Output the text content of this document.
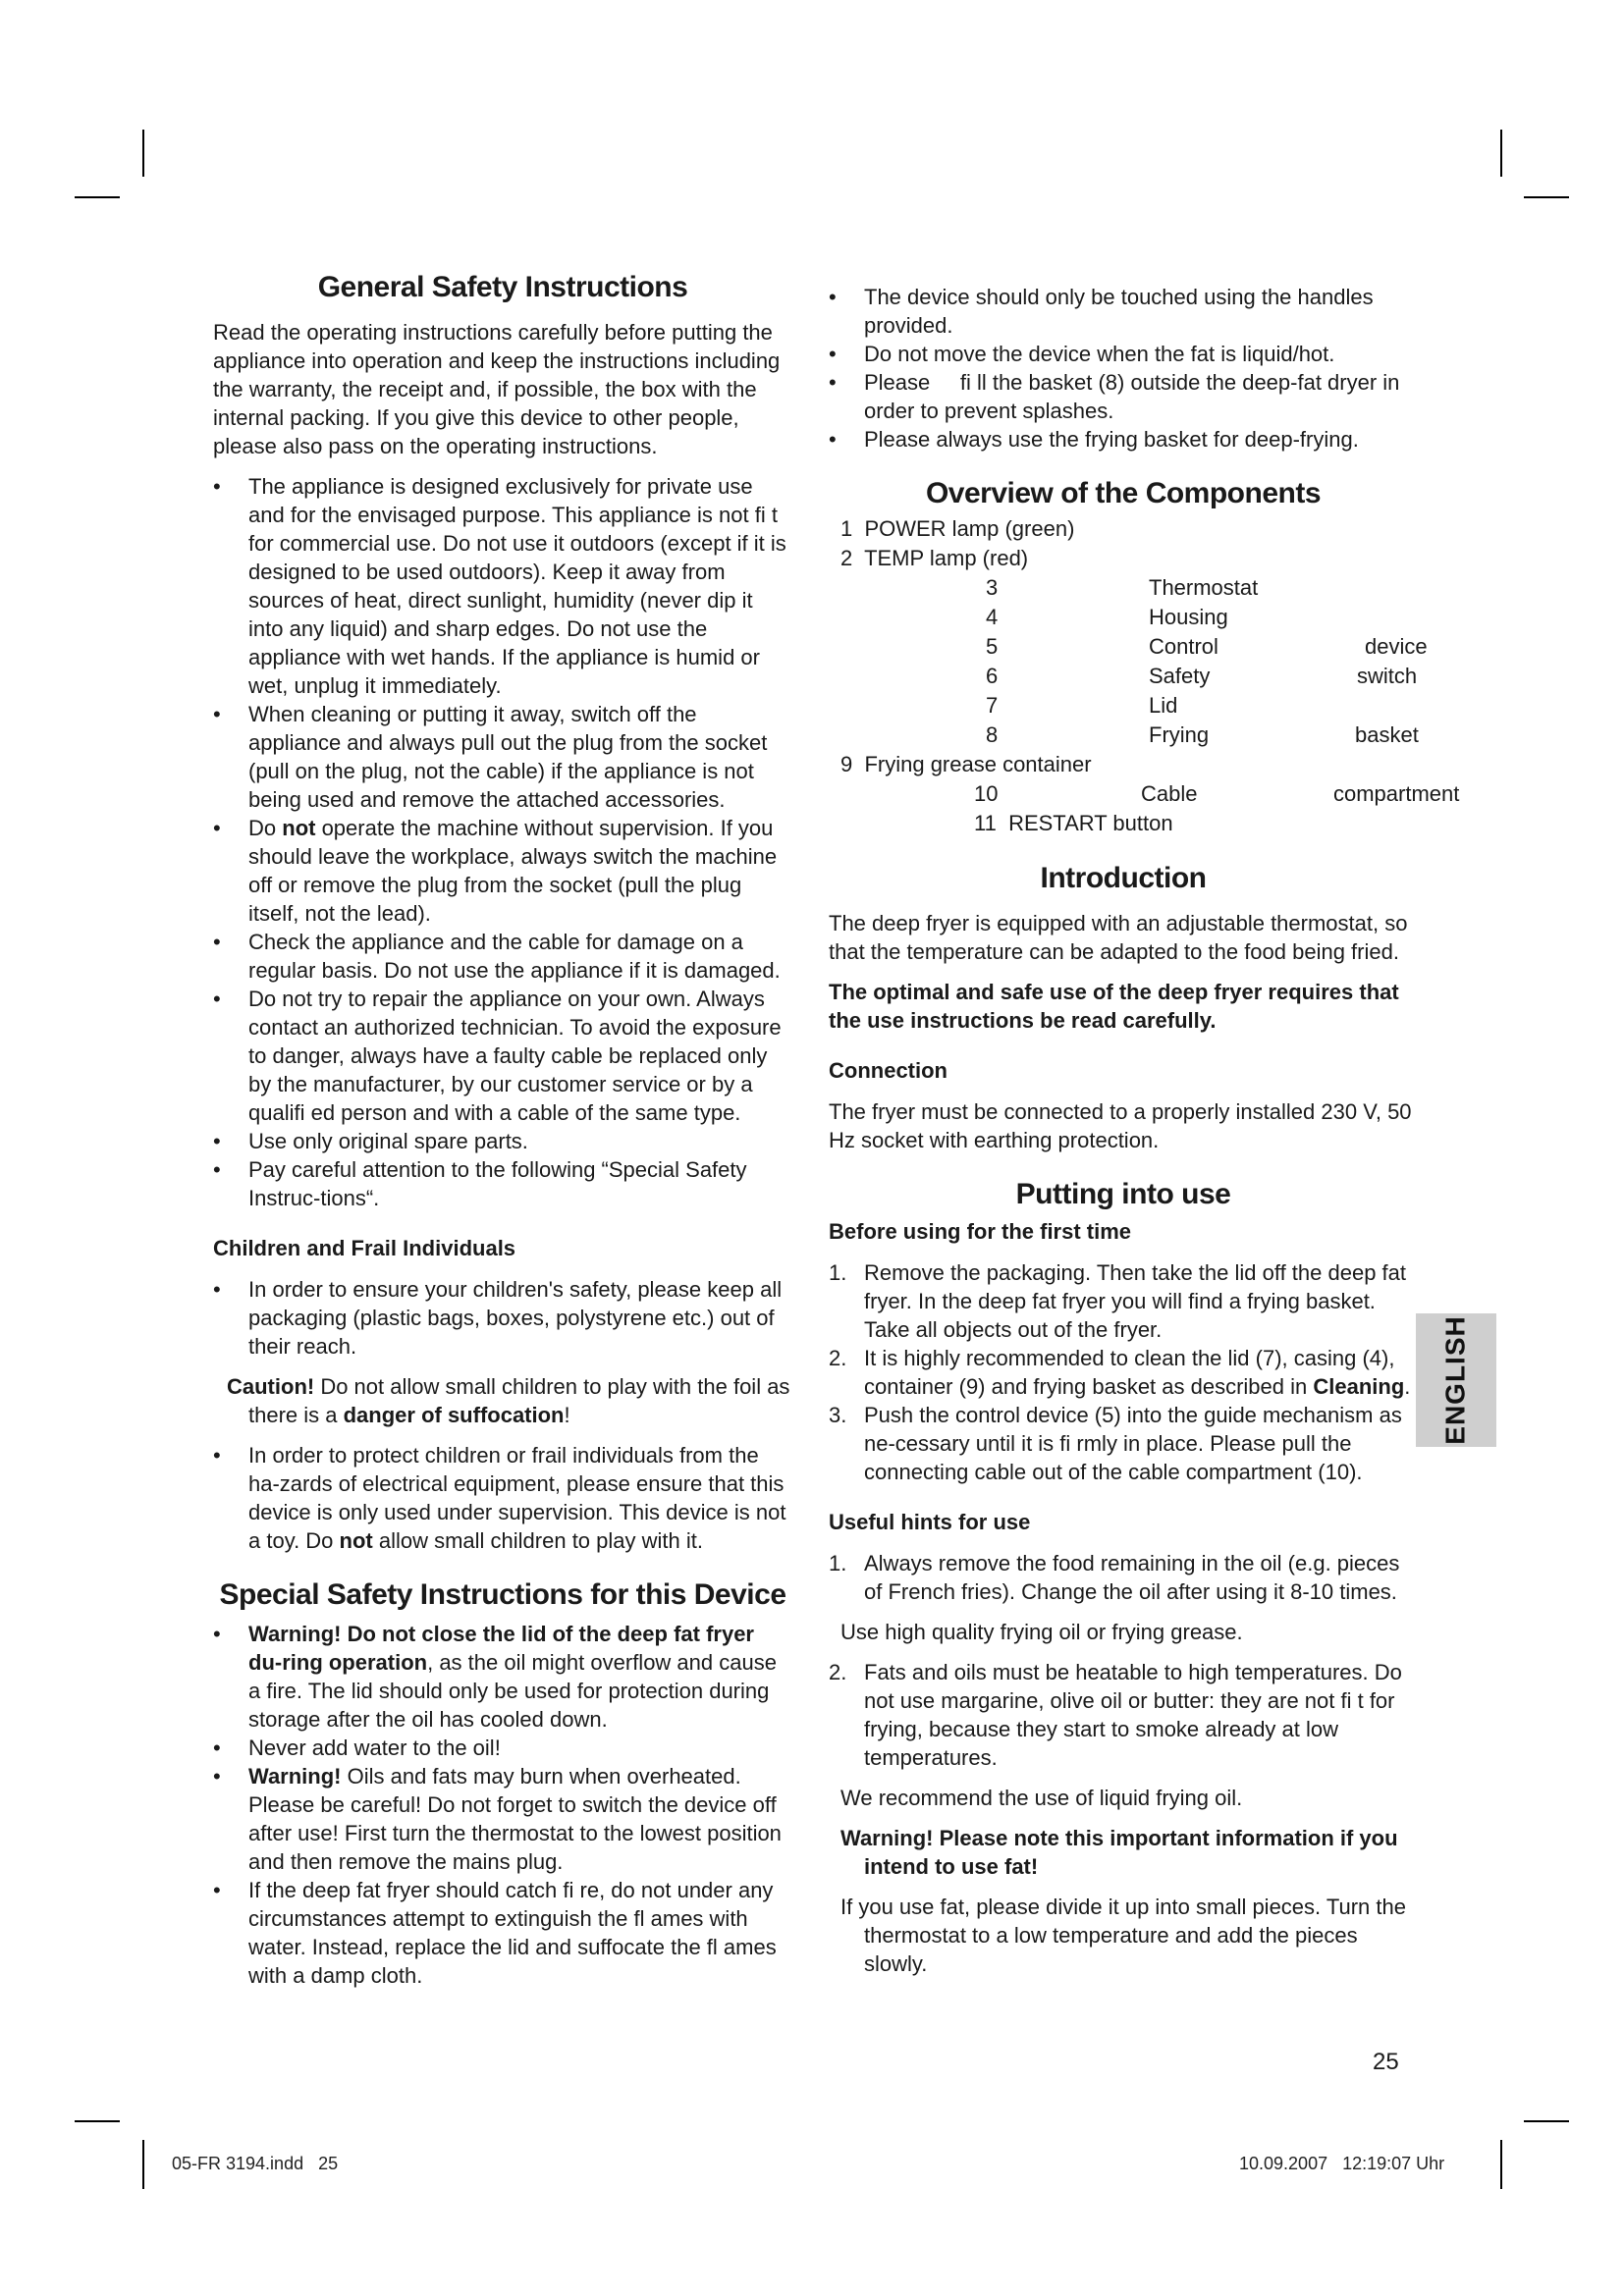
General Safety Instructions

Read the operating instructions carefully before putting the appliance into operation and keep the instructions including the warranty, the receipt and, if possible, the box with the internal packing. If you give this device to other people, please also pass on the operating instructions.

• The appliance is designed exclusively for private use and for the envisaged purpose. This appliance is not fi t for commercial use. Do not use it outdoors (except if it is designed to be used outdoors). Keep it away from sources of heat, direct sunlight, humidity (never dip it into any liquid) and sharp edges. Do not use the appliance with wet hands. If the appliance is humid or wet, unplug it immediately.
• When cleaning or putting it away, switch off the appliance and always pull out the plug from the socket (pull on the plug, not the cable) if the appliance is not being used and remove the attached accessories.
• Do not operate the machine without supervision. If you should leave the workplace, always switch the machine off or remove the plug from the socket (pull the plug itself, not the lead).
• Check the appliance and the cable for damage on a regular basis. Do not use the appliance if it is damaged.
• Do not try to repair the appliance on your own. Always contact an authorized technician. To avoid the exposure to danger, always have a faulty cable be replaced only by the manufacturer, by our customer service or by a qualifi ed person and with a cable of the same type.
• Use only original spare parts.
• Pay careful attention to the following “Special Safety Instruc-tions“.
Children and Frail Individuals
• In order to ensure your children's safety, please keep all packaging (plastic bags, boxes, polystyrene etc.) out of their reach.

Caution! Do not allow small children to play with the foil as there is a danger of suffocation!

• In order to protect children or frail individuals from the ha-zards of electrical equipment, please ensure that this device is only used under supervision. This device is not a toy. Do not allow small children to play with it.
Special Safety Instructions for this Device
• Warning! Do not close the lid of the deep fat fryer du-ring operation, as the oil might overflow and cause a fire. The lid should only be used for protection during storage after the oil has cooled down.
• Never add water to the oil!
• Warning! Oils and fats may burn when overheated. Please be careful! Do not forget to switch the device off after use! First turn the thermostat to the lowest position and then remove the mains plug.
• If the deep fat fryer should catch fi re, do not under any circumstances attempt to extinguish the fl ames with water. Instead, replace the lid and suffocate the fl ames with a damp cloth.
• The device should only be touched using the handles provided.
• Do not move the device when the fat is liquid/hot.
• Please     fi ll the basket (8) outside the deep-fat dryer in order to prevent splashes.
• Please always use the frying basket for deep-frying.
Overview of the Components
1  POWER lamp (green)
2  TEMP lamp (red)
3	Thermostat
4	Housing
5	Control	device
6	Safety	switch
7	Lid
8	Frying	basket
9  Frying grease container
10	Cable	compartment
11  RESTART button
Introduction

The deep fryer is equipped with an adjustable thermostat, so that the temperature can be adapted to the food being fried.

The optimal and safe use of the deep fryer requires that the use instructions be read carefully.

Connection

The fryer must be connected to a properly installed 230 V, 50 Hz socket with earthing protection.

Putting into use
Before using for the first time
1. Remove the packaging. Then take the lid off the deep fat fryer. In the deep fat fryer you will find a frying basket. Take all objects out of the fryer.
2. It is highly recommended to clean the lid (7), casing (4), container (9) and frying basket as described in Cleaning.
3. Push the control device (5) into the guide mechanism as ne-cessary until it is fi rmly in place. Please pull the connecting cable out of the cable compartment (10).
Useful hints for use
1. Always remove the food remaining in the oil (e.g. pieces of French fries). Change the oil after using it 8-10 times.

Use high quality frying oil or frying grease.

2. Fats and oils must be heatable to high temperatures. Do not use margarine, olive oil or butter: they are not fi t for frying, because they start to smoke already at low temperatures.

We recommend the use of liquid frying oil.

Warning! Please note this important information if you intend to use fat!

If you use fat, please divide it up into small pieces. Turn the thermostat to a low temperature and add the pieces slowly.

ENGLISH
25
05-FR 3194.indd   25	10.09.2007   12:19:07 Uhr
